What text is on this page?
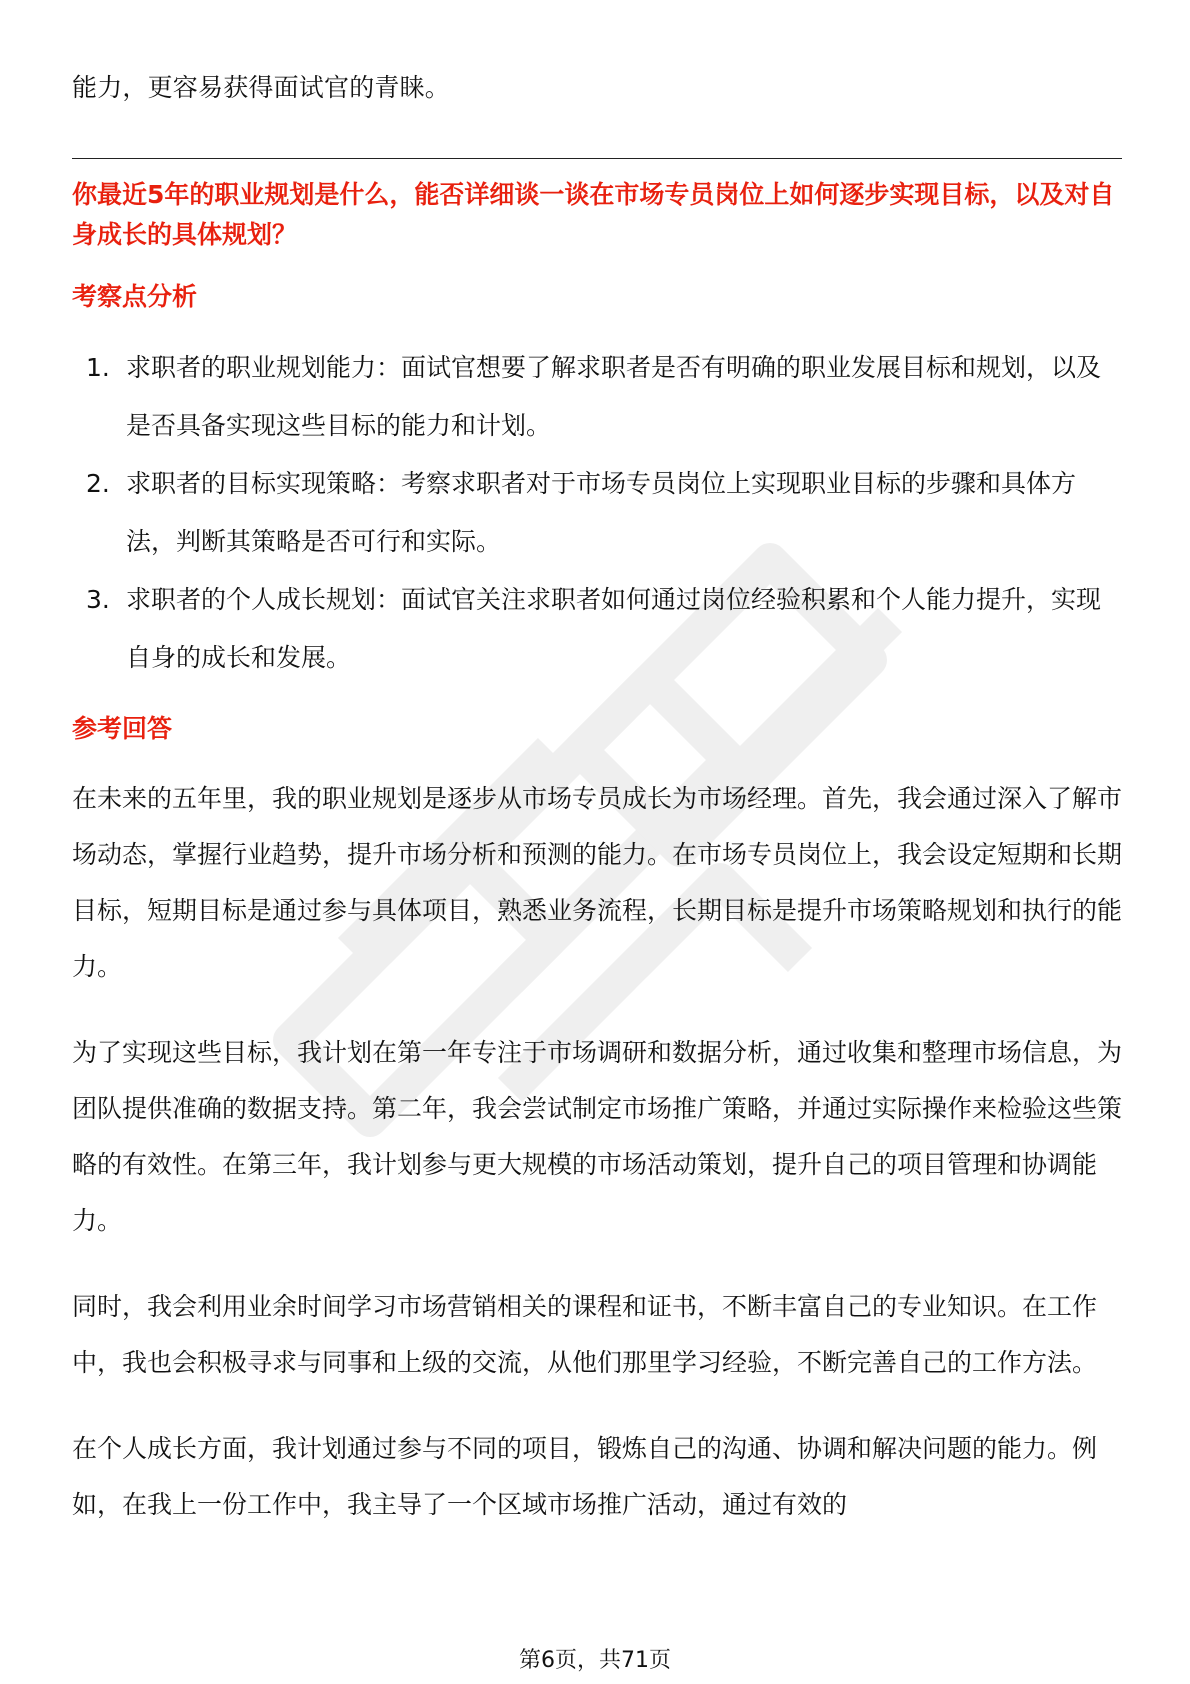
能力，更容易获得面试官的青睐。

你最近5年的职业规划是什么，能否详细谈一谈在市场专员岗位上如何逐步实现目标，以及对自身成长的具体规划？

考察点分析
1. 求职者的职业规划能力：面试官想要了解求职者是否有明确的职业发展目标和规划，以及是否具备实现这些目标的能力和计划。
2. 求职者的目标实现策略：考察求职者对于市场专员岗位上实现职业目标的步骤和具体方法，判断其策略是否可行和实际。
3. 求职者的个人成长规划：面试官关注求职者如何通过岗位经验积累和个人能力提升，实现自身的成长和发展。
参考回答

在未来的五年里，我的职业规划是逐步从市场专员成长为市场经理。首先，我会通过深入了解市场动态，掌握行业趋势，提升市场分析和预测的能力。在市场专员岗位上，我会设定短期和长期目标，短期目标是通过参与具体项目，熟悉业务流程，长期目标是提升市场策略规划和执行的能力。

为了实现这些目标，我计划在第一年专注于市场调研和数据分析，通过收集和整理市场信息，为团队提供准确的数据支持。第二年，我会尝试制定市场推广策略，并通过实际操作来检验这些策略的有效性。在第三年，我计划参与更大规模的市场活动策划，提升自己的项目管理和协调能力。

同时，我会利用业余时间学习市场营销相关的课程和证书，不断丰富自己的专业知识。在工作中，我也会积极寻求与同事和上级的交流，从他们那里学习经验，不断完善自己的工作方法。

在个人成长方面，我计划通过参与不同的项目，锻炼自己的沟通、协调和解决问题的能力。例如，在我上一份工作中，我主导了一个区域市场推广活动，通过有效的

第6页，共71页
